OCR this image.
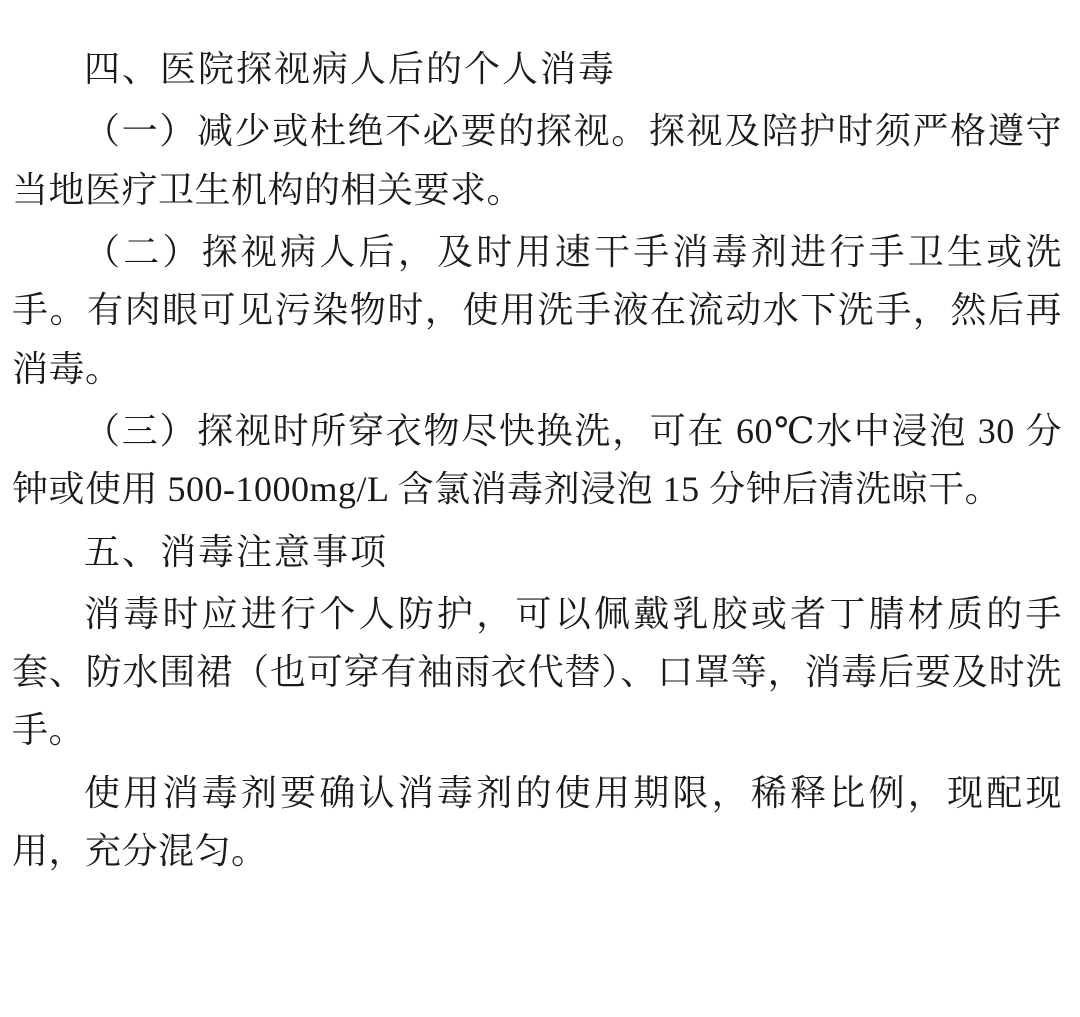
四、医院探视病人后的个人消毒

（一）减少或杜绝不必要的探视。探视及陪护时须严格遵守当地医疗卫生机构的相关要求。

（二）探视病人后，及时用速干手消毒剂进行手卫生或洗手。有肉眼可见污染物时，使用洗手液在流动水下洗手，然后再消毒。

（三）探视时所穿衣物尽快换洗，可在 60℃水中浸泡 30 分钟或使用 500-1000mg/L 含氯消毒剂浸泡 15 分钟后清洗晾干。

五、消毒注意事项

消毒时应进行个人防护，可以佩戴乳胶或者丁腈材质的手套、防水围裙（也可穿有袖雨衣代替）、口罩等，消毒后要及时洗手。

使用消毒剂要确认消毒剂的使用期限，稀释比例，现配现用，充分混匀。
